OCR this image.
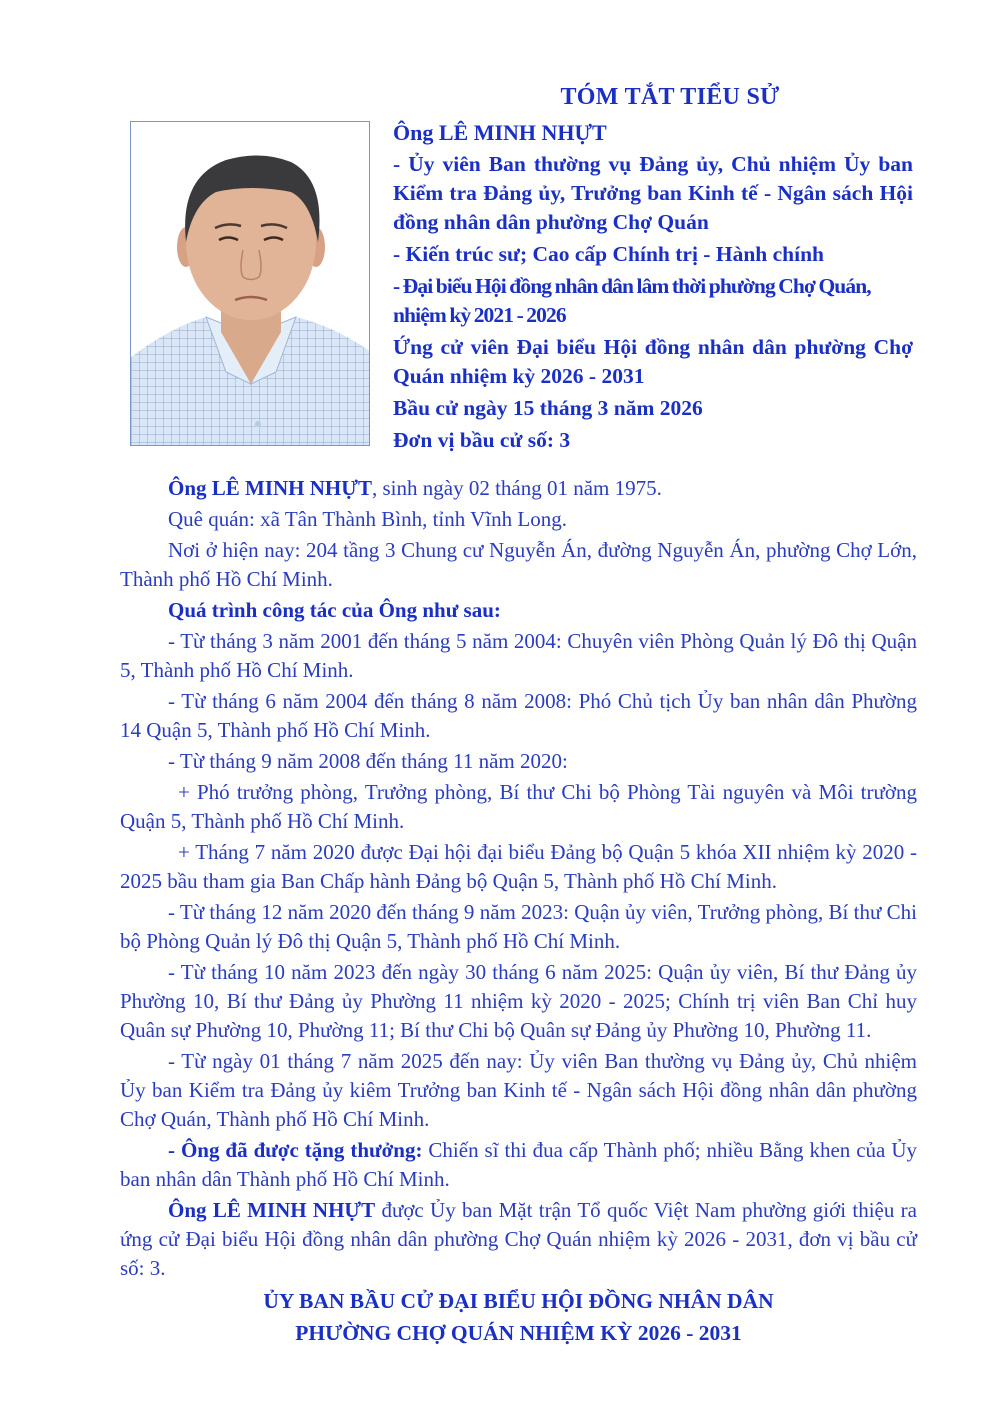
TÓM TẮT TIỂU SỬ

Ông LÊ MINH NHỰT

- Ủy viên Ban thường vụ Đảng ủy, Chủ nhiệm Ủy ban Kiểm tra Đảng ủy, Trưởng ban Kinh tế - Ngân sách Hội đồng nhân dân phường Chợ Quán

- Kiến trúc sư; Cao cấp Chính trị - Hành chính

- Đại biểu Hội đồng nhân dân lâm thời phường Chợ Quán, nhiệm kỳ 2021 - 2026

Ứng cử viên Đại biểu Hội đồng nhân dân phường Chợ Quán nhiệm kỳ 2026 - 2031

Bầu cử ngày 15 tháng 3 năm 2026

Đơn vị bầu cử số: 3

Ông LÊ MINH NHỰT, sinh ngày 02 tháng 01 năm 1975.

Quê quán: xã Tân Thành Bình, tỉnh Vĩnh Long.

Nơi ở hiện nay: 204 tầng 3 Chung cư Nguyễn Án, đường Nguyễn Án, phường Chợ Lớn, Thành phố Hồ Chí Minh.

Quá trình công tác của Ông như sau:

- Từ tháng 3 năm 2001 đến tháng 5 năm 2004: Chuyên viên Phòng Quản lý Đô thị Quận 5, Thành phố Hồ Chí Minh.

- Từ tháng 6 năm 2004 đến tháng 8 năm 2008: Phó Chủ tịch Ủy ban nhân dân Phường 14 Quận 5, Thành phố Hồ Chí Minh.

- Từ tháng 9 năm 2008 đến tháng 11 năm 2020:

+ Phó trưởng phòng, Trưởng phòng, Bí thư Chi bộ Phòng Tài nguyên và Môi trường Quận 5, Thành phố Hồ Chí Minh.

+ Tháng 7 năm 2020 được Đại hội đại biểu Đảng bộ Quận 5 khóa XII nhiệm kỳ 2020 - 2025 bầu tham gia Ban Chấp hành Đảng bộ Quận 5, Thành phố Hồ Chí Minh.

- Từ tháng 12 năm 2020 đến tháng 9 năm 2023: Quận ủy viên, Trưởng phòng, Bí thư Chi bộ Phòng Quản lý Đô thị Quận 5, Thành phố Hồ Chí Minh.

- Từ tháng 10 năm 2023 đến ngày 30 tháng 6 năm 2025: Quận ủy viên, Bí thư Đảng ủy Phường 10, Bí thư Đảng ủy Phường 11 nhiệm kỳ 2020 - 2025; Chính trị viên Ban Chỉ huy Quân sự Phường 10, Phường 11; Bí thư Chi bộ Quân sự Đảng ủy Phường 10, Phường 11.

- Từ ngày 01 tháng 7 năm 2025 đến nay: Ủy viên Ban thường vụ Đảng ủy, Chủ nhiệm Ủy ban Kiểm tra Đảng ủy kiêm Trưởng ban Kinh tế - Ngân sách Hội đồng nhân dân phường Chợ Quán, Thành phố Hồ Chí Minh.

- Ông đã được tặng thưởng: Chiến sĩ thi đua cấp Thành phố; nhiều Bằng khen của Ủy ban nhân dân Thành phố Hồ Chí Minh.

Ông LÊ MINH NHỰT được Ủy ban Mặt trận Tổ quốc Việt Nam phường giới thiệu ra ứng cử Đại biểu Hội đồng nhân dân phường Chợ Quán nhiệm kỳ 2026 - 2031, đơn vị bầu cử số: 3.

ỦY BAN BẦU CỬ ĐẠI BIỂU HỘI ĐỒNG NHÂN DÂN
PHƯỜNG CHỢ QUÁN NHIỆM KỲ 2026 - 2031
